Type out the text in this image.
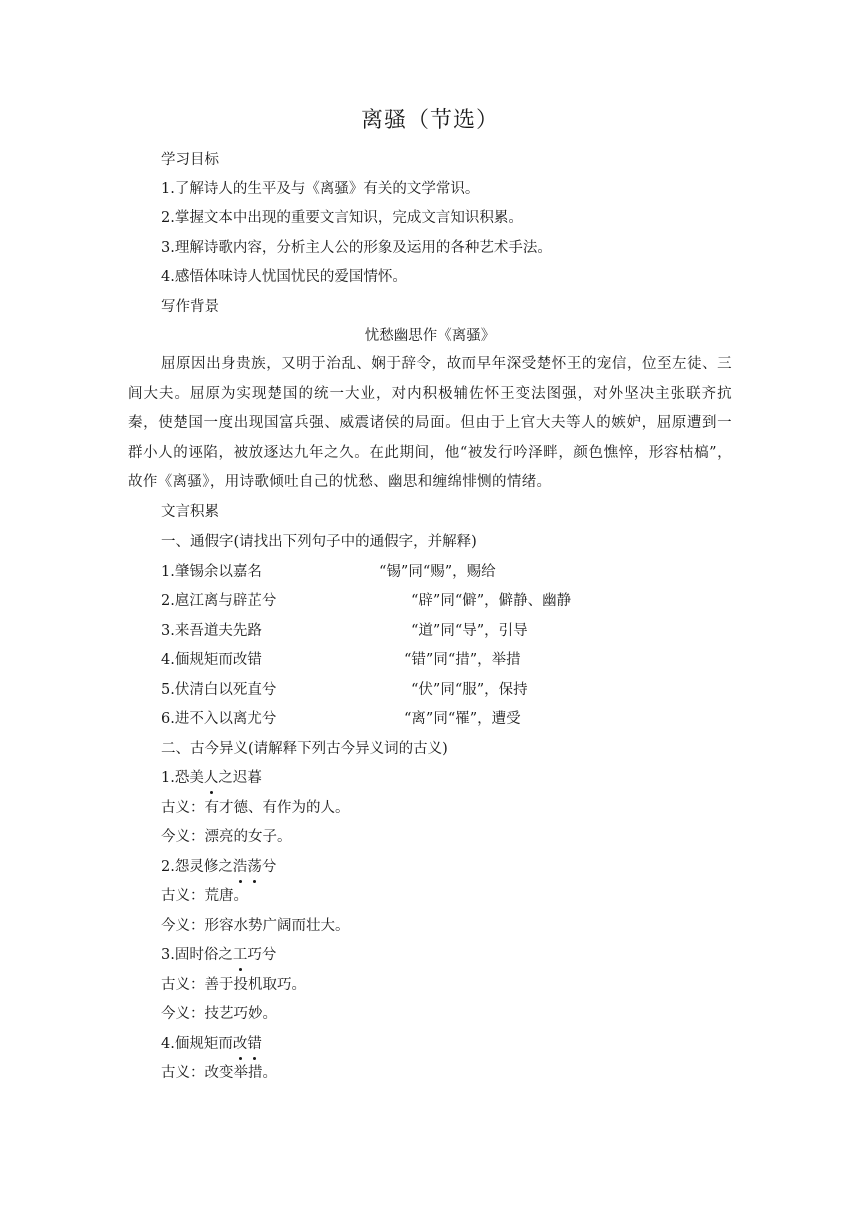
离骚（节选）
学习目标
1.了解诗人的生平及与《离骚》有关的文学常识。
2.掌握文本中出现的重要文言知识，完成文言知识积累。
3.理解诗歌内容，分析主人公的形象及运用的各种艺术手法。
4.感悟体味诗人忧国忧民的爱国情怀。
写作背景
忧愁幽思作《离骚》
屈原因出身贵族，又明于治乱、娴于辞令，故而早年深受楚怀王的宠信，位至左徒、三闾大夫。屈原为实现楚国的统一大业，对内积极辅佐怀王变法图强，对外坚决主张联齐抗秦，使楚国一度出现国富兵强、威震诸侯的局面。但由于上官大夫等人的嫉妒，屈原遭到一群小人的诬陷，被放逐达九年之久。在此期间，他“被发行吟泽畔，颜色憔悴，形容枯槁”，故作《离骚》，用诗歌倾吐自己的忧愁、幽思和缠绵悱恻的情绪。
文言积累
一、通假字(请找出下列句子中的通假字，并解释)
1.肇锡余以嘉名	“锡”同“赐”，赐给
2.扈江离与辟芷兮	“辟”同“僻”，僻静、幽静
3.来吾道夫先路	“道”同“导”，引导
4.偭规矩而改错	“错”同“措”，举措
5.伏清白以死直兮	“伏”同“服”，保持
6.进不入以离尤兮	“离”同“罹”，遭受
二、古今异义(请解释下列古今异义词的古义)
1.恐美人之迟暮
古义：有才德、有作为的人。
今义：漂亮的女子。
2.怨灵修之浩荡兮
古义：荒唐。
今义：形容水势广阔而壮大。
3.固时俗之工巧兮
古义：善于投机取巧。
今义：技艺巧妙。
4.偭规矩而改错
古义：改变举措。
